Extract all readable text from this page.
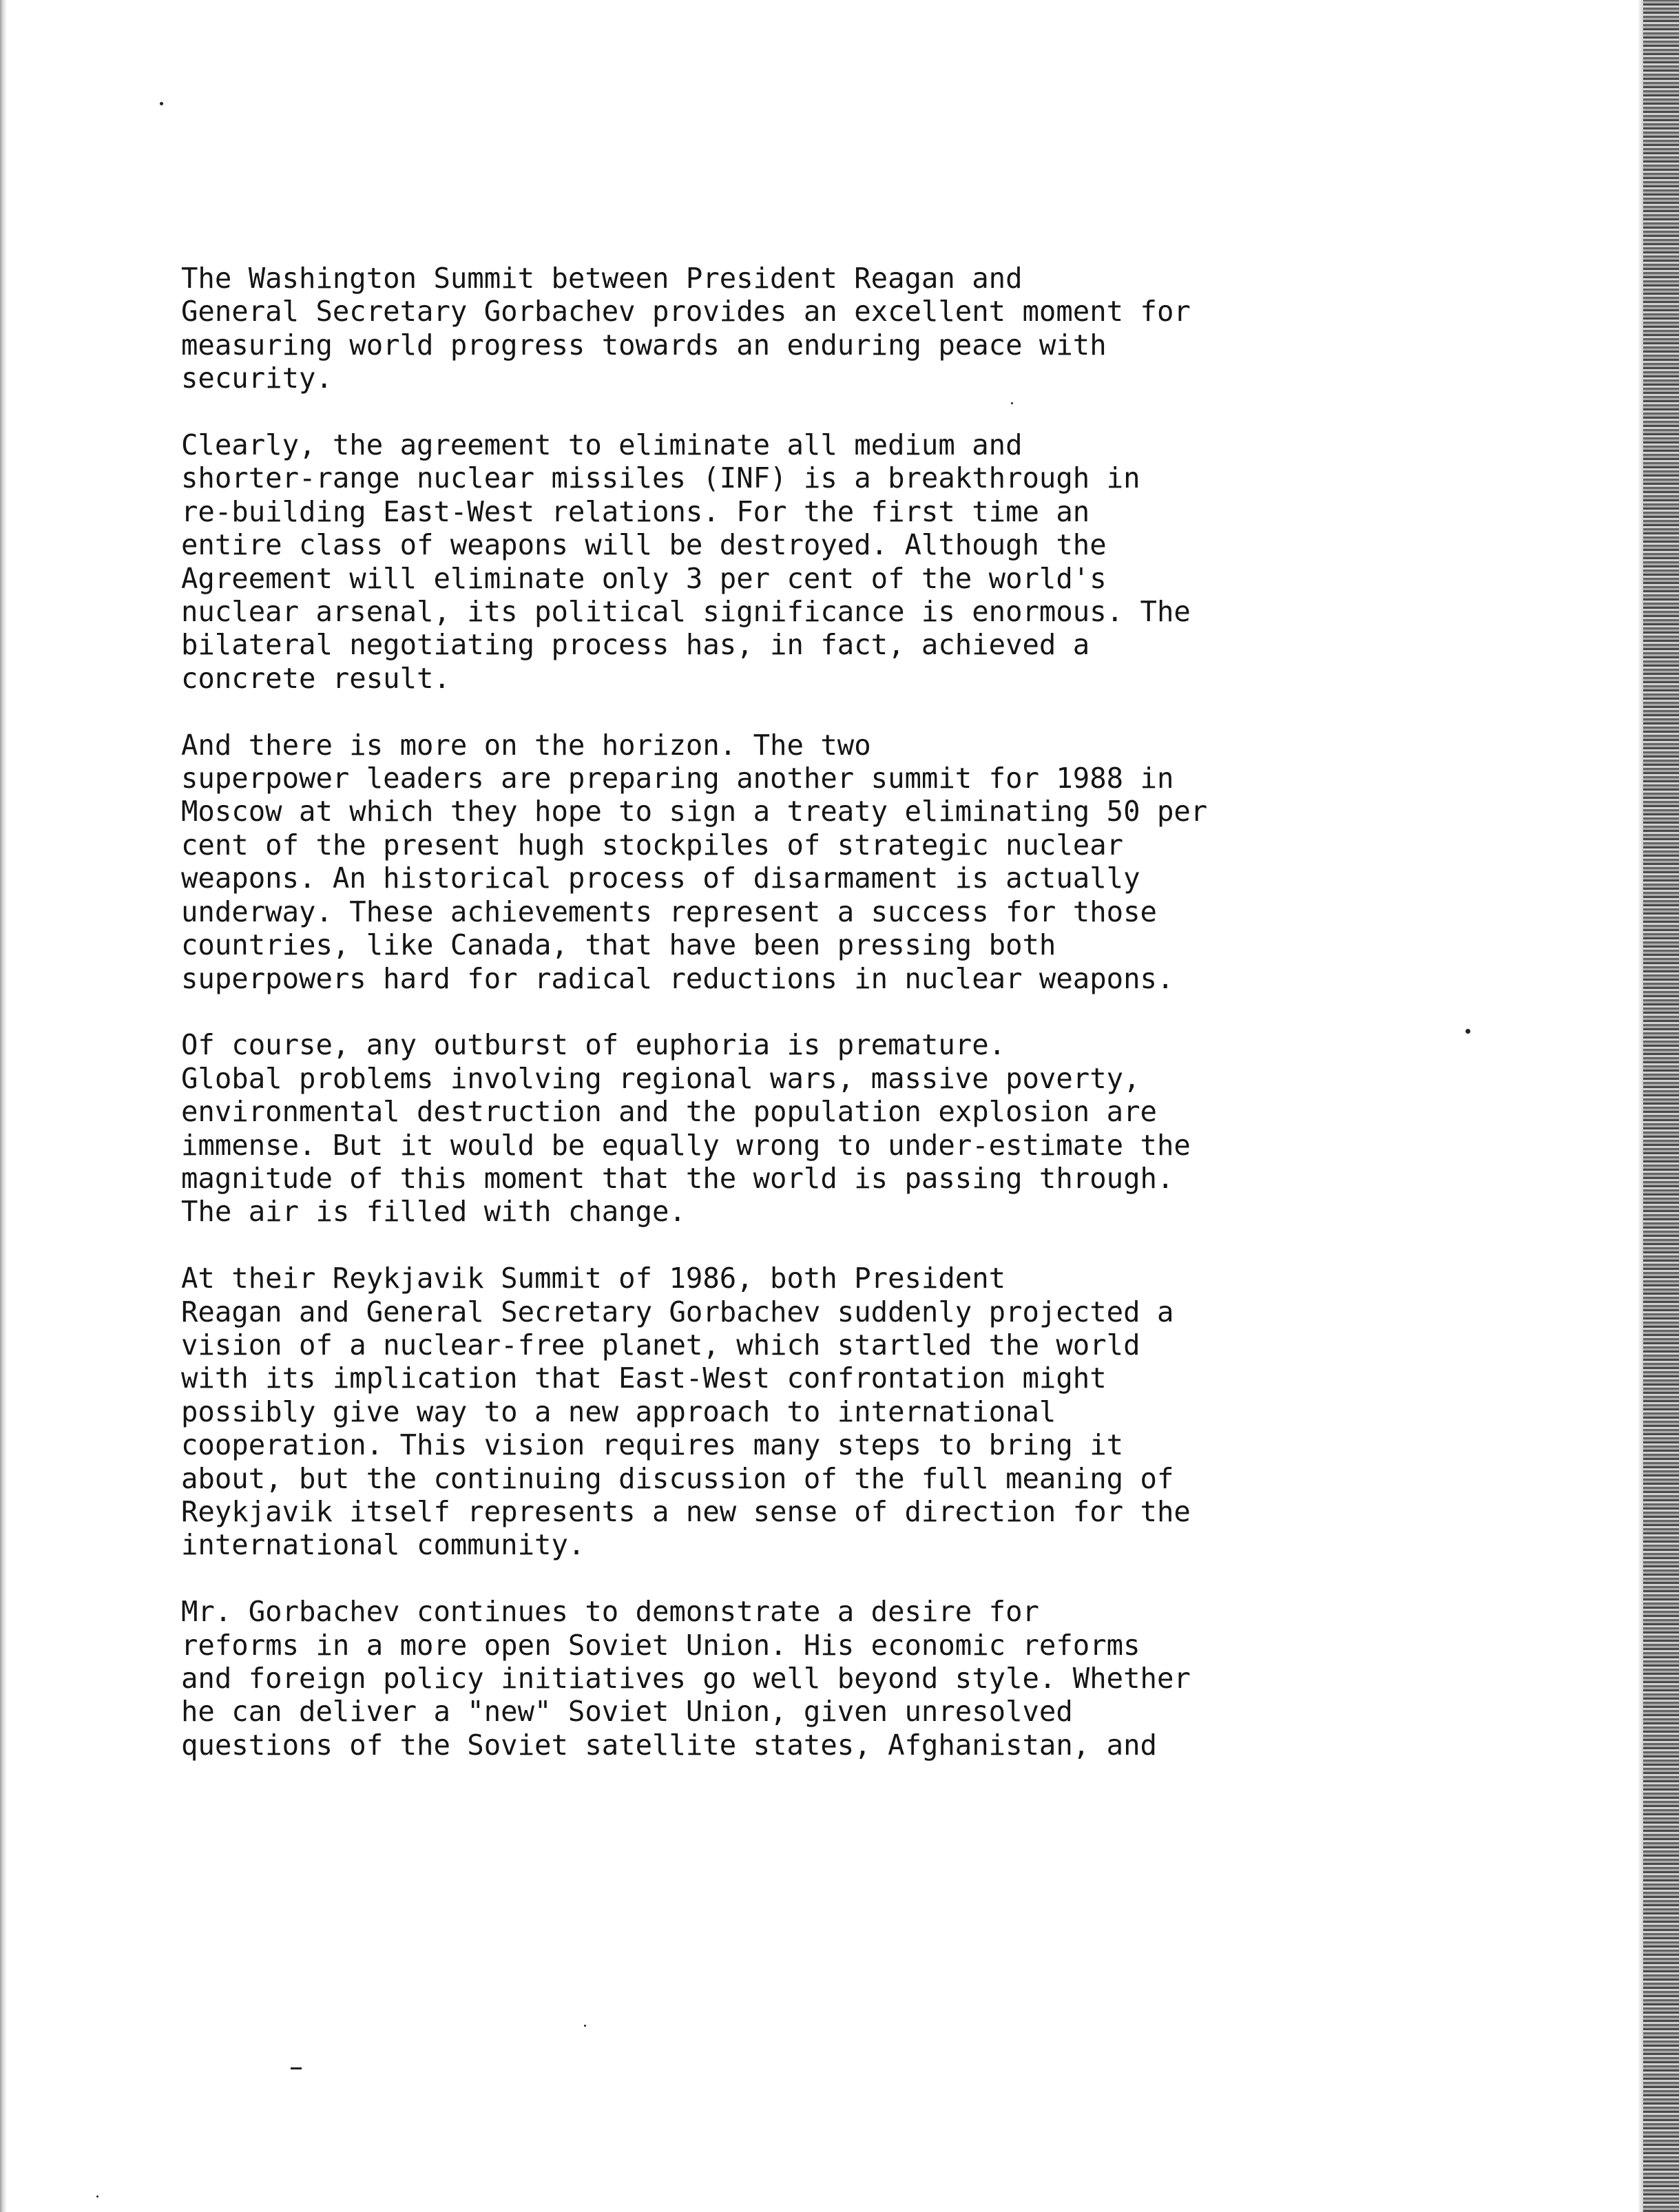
The Washington Summit between President Reagan and
General Secretary Gorbachev provides an excellent moment for
measuring world progress towards an enduring peace with
security.

Clearly, the agreement to eliminate all medium and
shorter-range nuclear missiles (INF) is a breakthrough in
re-building East-West relations. For the first time an
entire class of weapons will be destroyed. Although the
Agreement will eliminate only 3 per cent of the world's
nuclear arsenal, its political significance is enormous. The
bilateral negotiating process has, in fact, achieved a
concrete result.

And there is more on the horizon. The two
superpower leaders are preparing another summit for 1988 in
Moscow at which they hope to sign a treaty eliminating 50 per
cent of the present hugh stockpiles of strategic nuclear
weapons. An historical process of disarmament is actually
underway. These achievements represent a success for those
countries, like Canada, that have been pressing both
superpowers hard for radical reductions in nuclear weapons.

Of course, any outburst of euphoria is premature.
Global problems involving regional wars, massive poverty,
environmental destruction and the population explosion are
immense. But it would be equally wrong to under-estimate the
magnitude of this moment that the world is passing through.
The air is filled with change.

At their Reykjavik Summit of 1986, both President
Reagan and General Secretary Gorbachev suddenly projected a
vision of a nuclear-free planet, which startled the world
with its implication that East-West confrontation might
possibly give way to a new approach to international
cooperation. This vision requires many steps to bring it
about, but the continuing discussion of the full meaning of
Reykjavik itself represents a new sense of direction for the
international community.

Mr. Gorbachev continues to demonstrate a desire for
reforms in a more open Soviet Union. His economic reforms
and foreign policy initiatives go well beyond style. Whether
he can deliver a "new" Soviet Union, given unresolved
questions of the Soviet satellite states, Afghanistan, and
